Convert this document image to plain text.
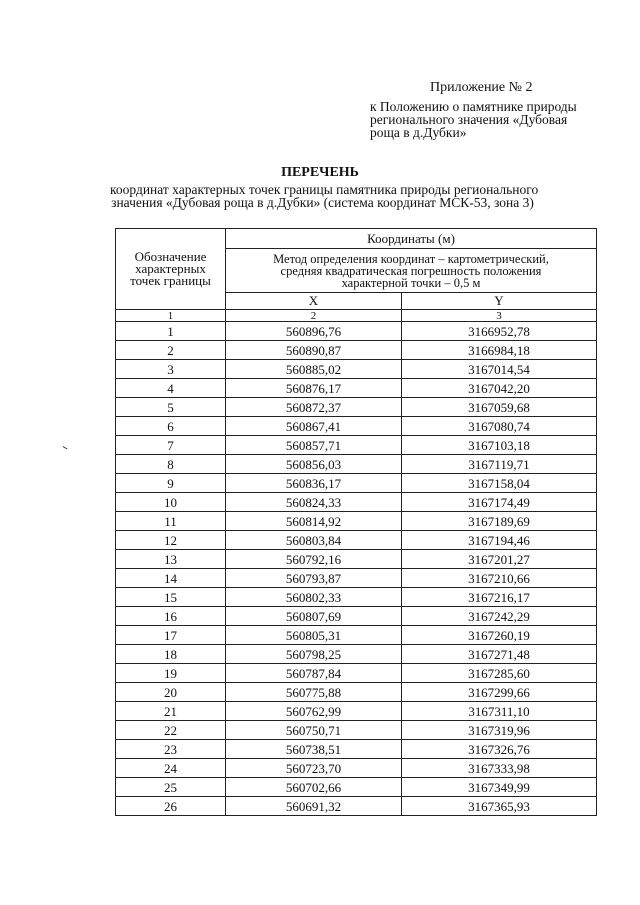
Приложение № 2
к Положению о памятнике природы
регионального значения «Дубовая
роща в д.Дубки»
ПЕРЕЧЕНЬ
координат характерных точек границы памятника природы регионального
значения «Дубовая роща в д.Дубки» (система координат МСК-53, зона 3)
Обозначение
характерных
точек границы	Координаты (м)	

	Метод определения координат – картометрический,
средняя квадратическая погрешность положения
характерной точки – 0,5 м	

	X	Y
1	2	3
1	560896,76	3166952,78
2	560890,87	3166984,18
3	560885,02	3167014,54
4	560876,17	3167042,20
5	560872,37	3167059,68
6	560867,41	3167080,74
7	560857,71	3167103,18
8	560856,03	3167119,71
9	560836,17	3167158,04
10	560824,33	3167174,49
11	560814,92	3167189,69
12	560803,84	3167194,46
13	560792,16	3167201,27
14	560793,87	3167210,66
15	560802,33	3167216,17
16	560807,69	3167242,29
17	560805,31	3167260,19
18	560798,25	3167271,48
19	560787,84	3167285,60
20	560775,88	3167299,66
21	560762,99	3167311,10
22	560750,71	3167319,96
23	560738,51	3167326,76
24	560723,70	3167333,98
25	560702,66	3167349,99
26	560691,32	3167365,93
